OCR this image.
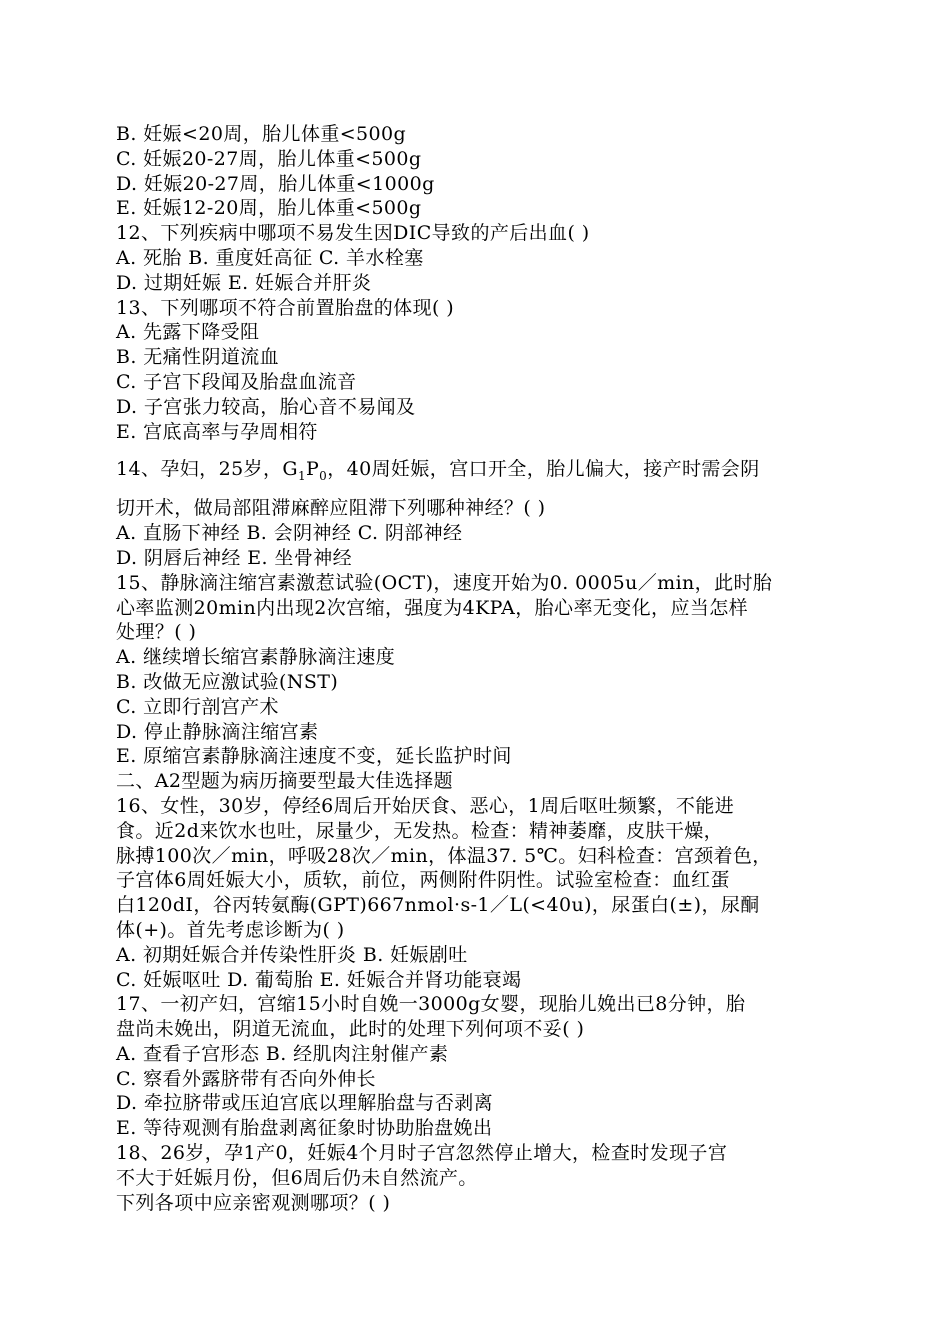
B. 妊娠<20周，胎儿体重<500g
C. 妊娠20-27周，胎儿体重<500g
D. 妊娠20-27周，胎儿体重<1000g
E. 妊娠12-20周，胎儿体重<500g
12、下列疾病中哪项不易发生因DIC导致的产后出血( )
A. 死胎 B. 重度妊高征 C. 羊水栓塞
D. 过期妊娠 E. 妊娠合并肝炎
13、下列哪项不符合前置胎盘的体现( )
A. 先露下降受阻
B. 无痛性阴道流血
C. 子宫下段闻及胎盘血流音
D. 子宫张力较高，胎心音不易闻及
E. 宫底高率与孕周相符
14、孕妇，25岁，$G_1P_0$，40周妊娠，宫口开全，胎儿偏大，接产时需会阴
切开术，做局部阻滞麻醉应阻滞下列哪种神经？( )
A. 直肠下神经 B. 会阴神经 C. 阴部神经
D. 阴唇后神经 E. 坐骨神经
15、静脉滴注缩宫素激惹试验(OCT)，速度开始为0. 0005u／min，此时胎
心率监测20min内出现2次宫缩，强度为4KPA，胎心率无变化，应当怎样
处理？( )
A. 继续增长缩宫素静脉滴注速度
B. 改做无应激试验(NST)
C. 立即行剖宫产术
D. 停止静脉滴注缩宫素
E. 原缩宫素静脉滴注速度不变，延长监护时间
二、A2型题为病历摘要型最大佳选择题
16、女性，30岁，停经6周后开始厌食、恶心，1周后呕吐频繁，不能进
食。近2d来饮水也吐，尿量少，无发热。检查：精神萎靡，皮肤干燥，
脉搏100次／min，呼吸28次／min，体温37. 5℃。妇科检查：宫颈着色，
子宫体6周妊娠大小，质软，前位，两侧附件阴性。试验室检查：血红蛋
白120dI，谷丙转氨酶(GPT)667nmol·s-1／L(<40u)，尿蛋白(±)，尿酮
体(+)。首先考虑诊断为( )
A. 初期妊娠合并传染性肝炎 B. 妊娠剧吐
C. 妊娠呕吐 D. 葡萄胎 E. 妊娠合并肾功能衰竭
17、一初产妇，宫缩15小时自娩一3000g女婴，现胎儿娩出已8分钟，胎
盘尚未娩出，阴道无流血，此时的处理下列何项不妥( )
A. 查看子宫形态 B. 经肌肉注射催产素
C. 察看外露脐带有否向外伸长
D. 牵拉脐带或压迫宫底以理解胎盘与否剥离
E. 等待观测有胎盘剥离征象时协助胎盘娩出
18、26岁，孕1产0，妊娠4个月时子宫忽然停止增大，检查时发现子宫
不大于妊娠月份，但6周后仍未自然流产。
下列各项中应亲密观测哪项？( )
